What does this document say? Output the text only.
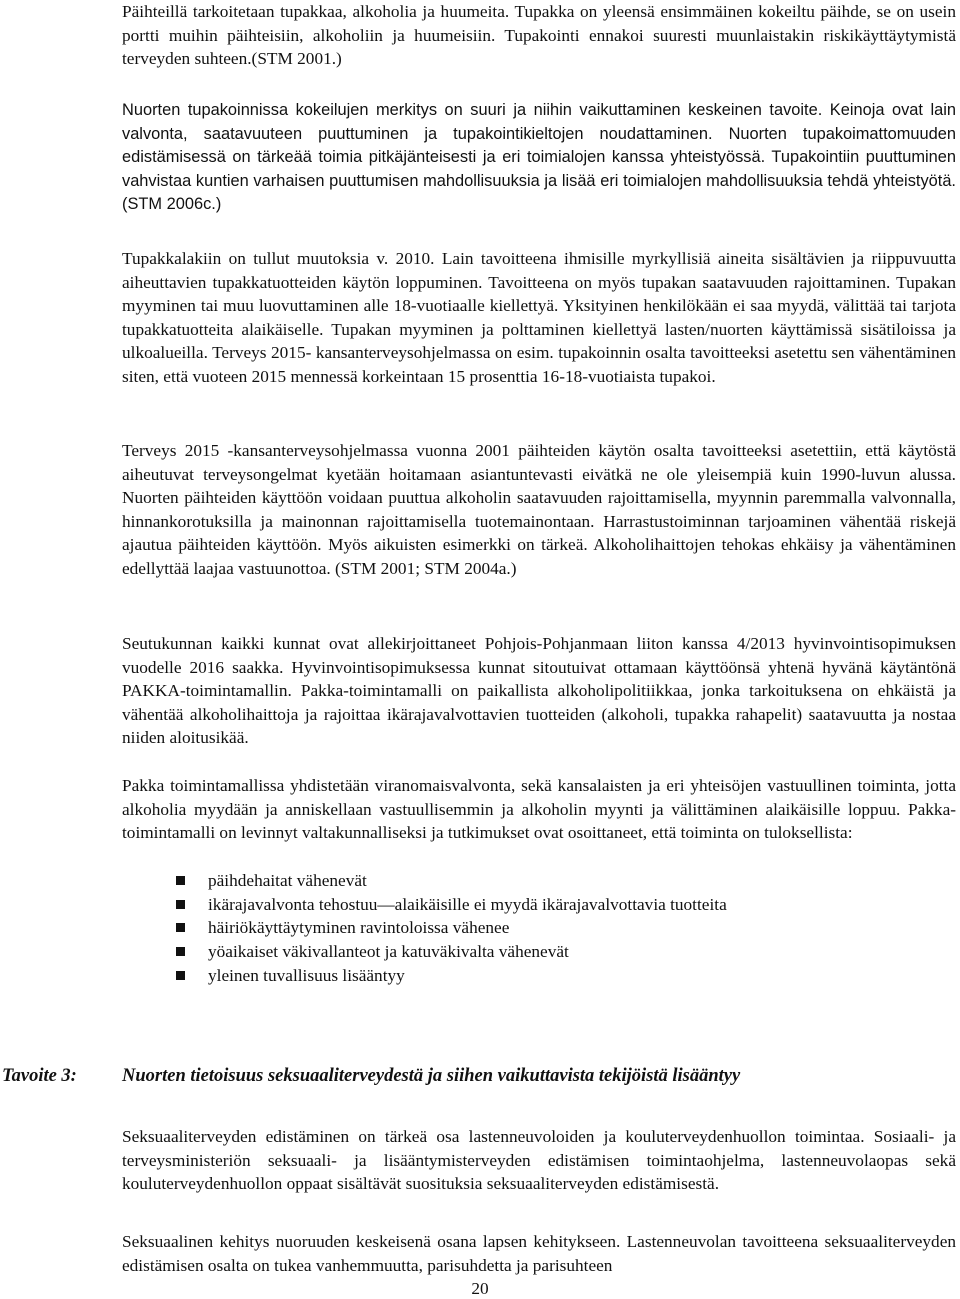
Päihteillä tarkoitetaan tupakkaa, alkoholia ja huumeita. Tupakka on yleensä ensimmäinen kokeiltu päihde, se on usein portti muihin päihteisiin, alkoholiin ja huumeisiin. Tupakointi ennakoi suuresti muunlaistakin riskikäyttäytymistä terveyden suhteen.(STM 2001.)

Nuorten tupakoinnissa kokeilujen merkitys on suuri ja niihin vaikuttaminen keskeinen tavoite. Keinoja ovat lain valvonta, saatavuuteen puuttuminen ja tupakointikieltojen noudattaminen. Nuorten tupakoimattomuuden edistämisessä on tärkeää toimia pitkäjänteisesti ja eri toimialojen kanssa yhteistyössä. Tupakointiin puuttuminen vahvistaa kuntien varhaisen puuttumisen mahdollisuuksia ja lisää eri toimialojen mahdollisuuksia tehdä yhteistyötä. (STM 2006c.)

Tupakkalakiin on tullut muutoksia v. 2010. Lain tavoitteena ihmisille myrkyllisiä aineita sisältävien ja riippuvuutta aiheuttavien tupakkatuotteiden käytön loppuminen. Tavoitteena on myös tupakan saatavuuden rajoittaminen. Tupakan myyminen tai muu luovuttaminen alle 18-vuotiaalle kiellettyä. Yksityinen henkilökään ei saa myydä, välittää tai tarjota tupakkatuotteita alaikäiselle. Tupakan myyminen ja polttaminen kiellettyä lasten/nuorten käyttämissä sisätiloissa ja ulkoalueilla. Terveys 2015- kansanterveysohjelmassa on esim. tupakoinnin osalta tavoitteeksi asetettu sen vähentäminen siten, että vuoteen 2015 mennessä korkeintaan 15 prosenttia 16-18-vuotiaista tupakoi.

Terveys 2015 -kansanterveysohjelmassa vuonna 2001 päihteiden käytön osalta tavoitteeksi asetettiin, että käytöstä aiheutuvat terveysongelmat kyetään hoitamaan asiantuntevasti eivätkä ne ole yleisempiä kuin 1990-luvun alussa. Nuorten päihteiden käyttöön voidaan puuttua alkoholin saatavuuden rajoittamisella, myynnin paremmalla valvonnalla, hinnankorotuksilla ja mainonnan rajoittamisella tuotemainontaan. Harrastustoiminnan tarjoaminen vähentää riskejä ajautua päihteiden käyttöön. Myös aikuisten esimerkki on tärkeä. Alkoholihaittojen tehokas ehkäisy ja vähentäminen edellyttää laajaa vastuunottoa. (STM 2001; STM 2004a.)

Seutukunnan kaikki kunnat ovat allekirjoittaneet Pohjois-Pohjanmaan liiton kanssa 4/2013 hyvinvointisopimuksen vuodelle 2016 saakka. Hyvinvointisopimuksessa kunnat sitoutuivat ottamaan käyttöönsä yhtenä hyvänä käytäntönä PAKKA-toimintamallin. Pakka-toimintamalli on paikallista alkoholipolitiikkaa, jonka tarkoituksena on ehkäistä ja vähentää alkoholihaittoja ja rajoittaa ikärajavalvottavien tuotteiden (alkoholi, tupakka rahapelit) saatavuutta ja nostaa niiden aloitusikää.

Pakka toimintamallissa yhdistetään viranomaisvalvonta, sekä kansalaisten ja eri yhteisöjen vastuullinen toiminta, jotta alkoholia myydään ja anniskellaan vastuullisemmin ja alkoholin myynti ja välittäminen alaikäisille loppuu. Pakka-toimintamalli on levinnyt valtakunnalliseksi ja tutkimukset ovat osoittaneet, että toiminta on tuloksellista:

päihdehaitat vähenevät
ikärajavalvonta tehostuu—alaikäisille ei myydä ikärajavalvottavia tuotteita
häiriökäyttäytyminen ravintoloissa vähenee
yöaikaiset väkivallanteot ja katuväkivalta vähenevät
yleinen tuvallisuus lisääntyy
Tavoite 3: Nuorten tietoisuus seksuaaliterveydestä ja siihen vaikuttavista tekijöistä lisääntyy

Seksuaaliterveyden edistäminen on tärkeä osa lastenneuvoloiden ja kouluterveydenhuollon toimintaa. Sosiaali- ja terveysministeriön seksuaali- ja lisääntymisterveyden edistämisen toimintaohjelma, lastenneuvolaopas sekä kouluterveydenhuollon oppaat sisältävät suosituksia seksuaaliterveyden edistämisestä.

Seksuaalinen kehitys nuoruuden keskeisenä osana lapsen kehitykseen. Lastenneuvolan tavoitteena seksuaaliterveyden edistämisen osalta on tukea vanhemmuutta, parisuhdetta ja parisuhteen

20
